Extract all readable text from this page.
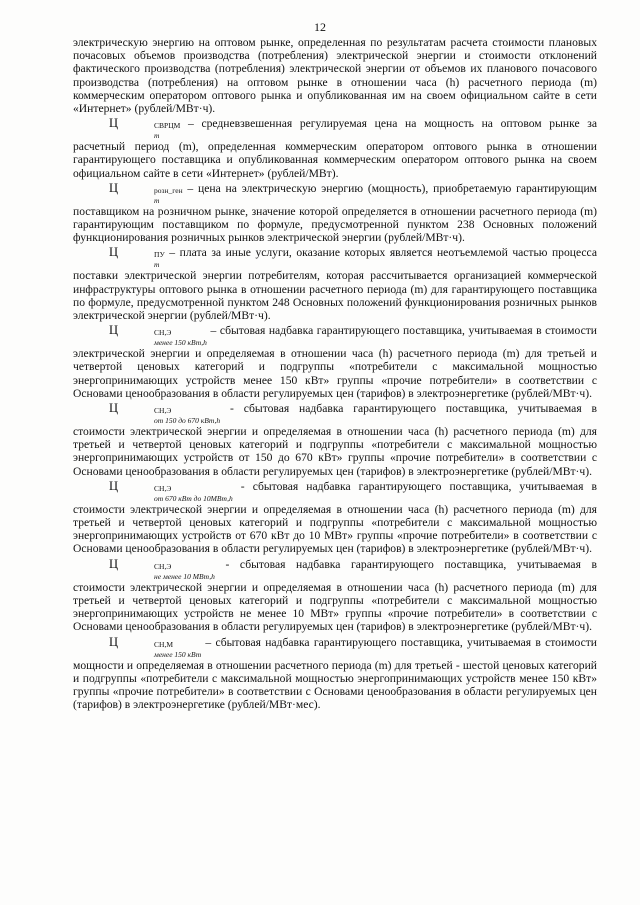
12

электрическую энергию на оптовом рынке, определенная по результатам расчета стоимости плановых почасовых объемов производства (потребления) электрической энергии и стоимости отклонений фактического производства (потребления) электрической энергии от объемов их планового почасового производства (потребления) на оптовом рынке в отношении часа (h) расчетного периода (m) коммерческим оператором оптового рынка и опубликованная им на своем официальном сайте в сети «Интернет» (рублей/МВт·ч).

Ц	СВРЦМ
m
– средневзвешенная регулируемая цена на мощность на оптовом рынке за расчетный период (m), определенная коммерческим оператором оптового рынка в отношении гарантирующего поставщика и опубликованная коммерческим оператором оптового рынка на своем официальном сайте в сети «Интернет» (рублей/МВт).

Ц	розн_ген
m
– цена на электрическую энергию (мощность), приобретаемую гарантирующим поставщиком на розничном рынке, значение которой определяется в отношении расчетного периода (m) гарантирующим поставщиком по формуле, предусмотренной пунктом 238 Основных положений функционирования розничных рынков электрической энергии (рублей/МВт·ч).

Ц	ПУ
m
– плата за иные услуги, оказание которых является неотъемлемой частью процесса поставки электрической энергии потребителям, которая рассчитывается организацией коммерческой инфраструктуры оптового рынка в отношении расчетного периода (m) для гарантирующего поставщика по формуле, предусмотренной пунктом 248 Основных положений функционирования розничных рынков электрической энергии (рублей/МВт·ч).

Ц	СН,Э
менее 150 кВт,h
– сбытовая надбавка гарантирующего поставщика, учитываемая в стоимости электрической энергии и определяемая в отношении часа (h) расчетного периода (m) для третьей и четвертой ценовых категорий и подгруппы «потребители с максимальной мощностью энергопринимающих устройств менее 150 кВт» группы «прочие потребители» в соответствии с Основами ценообразования в области регулируемых цен (тарифов) в электроэнергетике (рублей/МВт·ч).

Ц	СН,Э
от 150 до 670 кВт,h
- сбытовая надбавка гарантирующего поставщика, учитываемая в стоимости электрической энергии и определяемая в отношении часа (h) расчетного периода (m) для третьей и четвертой ценовых категорий и подгруппы «потребители с максимальной мощностью энергопринимающих устройств от 150 до 670 кВт» группы «прочие потребители» в соответствии с Основами ценообразования в области регулируемых цен (тарифов) в электроэнергетике (рублей/МВт·ч).

Ц	СН,Э
от 670 кВт до 10МВт,h
- сбытовая надбавка гарантирующего поставщика, учитываемая в стоимости электрической энергии и определяемая в отношении часа (h) расчетного периода (m) для третьей и четвертой ценовых категорий и подгруппы «потребители с максимальной мощностью энергопринимающих устройств от 670 кВт до 10 МВт» группы «прочие потребители» в соответствии с Основами ценообразования в области регулируемых цен (тарифов) в электроэнергетике (рублей/МВт·ч).

Ц	СН,Э
не менее 10 МВт,h
- сбытовая надбавка гарантирующего поставщика, учитываемая в стоимости электрической энергии и определяемая в отношении часа (h) расчетного периода (m) для третьей и четвертой ценовых категорий и подгруппы «потребители с максимальной мощностью энергопринимающих устройств не менее 10 МВт» группы «прочие потребители» в соответствии с Основами ценообразования в области регулируемых цен (тарифов) в электроэнергетике (рублей/МВт·ч).

Ц	СН,М
менее 150 кВт
– сбытовая надбавка гарантирующего поставщика, учитываемая в стоимости мощности и определяемая в отношении расчетного периода (m) для третьей - шестой ценовых категорий и подгруппы «потребители с максимальной мощностью энергопринимающих устройств менее 150 кВт» группы «прочие потребители» в соответствии с Основами ценообразования в области регулируемых цен (тарифов) в электроэнергетике (рублей/МВт·мес).
